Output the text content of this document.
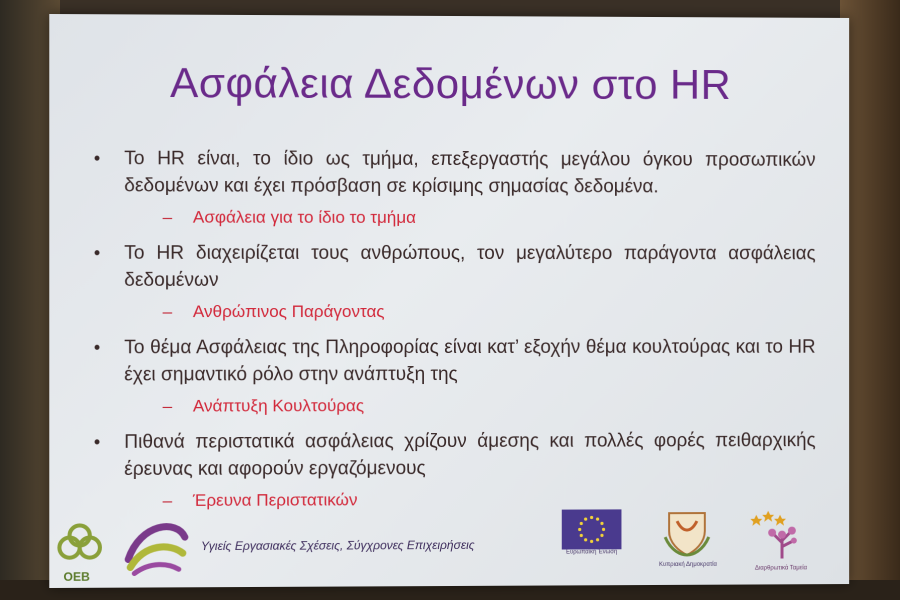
Ασφάλεια Δεδομένων στο HR
• Το HR είναι, το ίδιο ως τμήμα, επεξεργαστής μεγάλου όγκου προσωπικών δεδομένων και έχει πρόσβαση σε κρίσιμης σημασίας δεδομένα.
– Ασφάλεια για το ίδιο το τμήμα
• Το HR διαχειρίζεται τους ανθρώπους, τον μεγαλύτερο παράγοντα ασφάλειας δεδομένων
– Ανθρώπινος Παράγοντας
• Το θέμα Ασφάλειας της Πληροφορίας είναι κατ’ εξοχήν θέμα κουλτούρας και το HR έχει σημαντικό ρόλο στην ανάπτυξη της
– Ανάπτυξη Κουλτούρας
• Πιθανά περιστατικά ασφάλειας χρίζουν άμεσης και πολλές φορές πειθαρχικής έρευνας και αφορούν εργαζόμενους
– Έρευνα Περιστατικών
OEB
Υγιείς Εργασιακές Σχέσεις, Σύγχρονες Επιχειρήσεις	Ευρωπαϊκή Ένωση
Κυπριακή Δημοκρατία
Διαρθρωτικά Ταμεία
